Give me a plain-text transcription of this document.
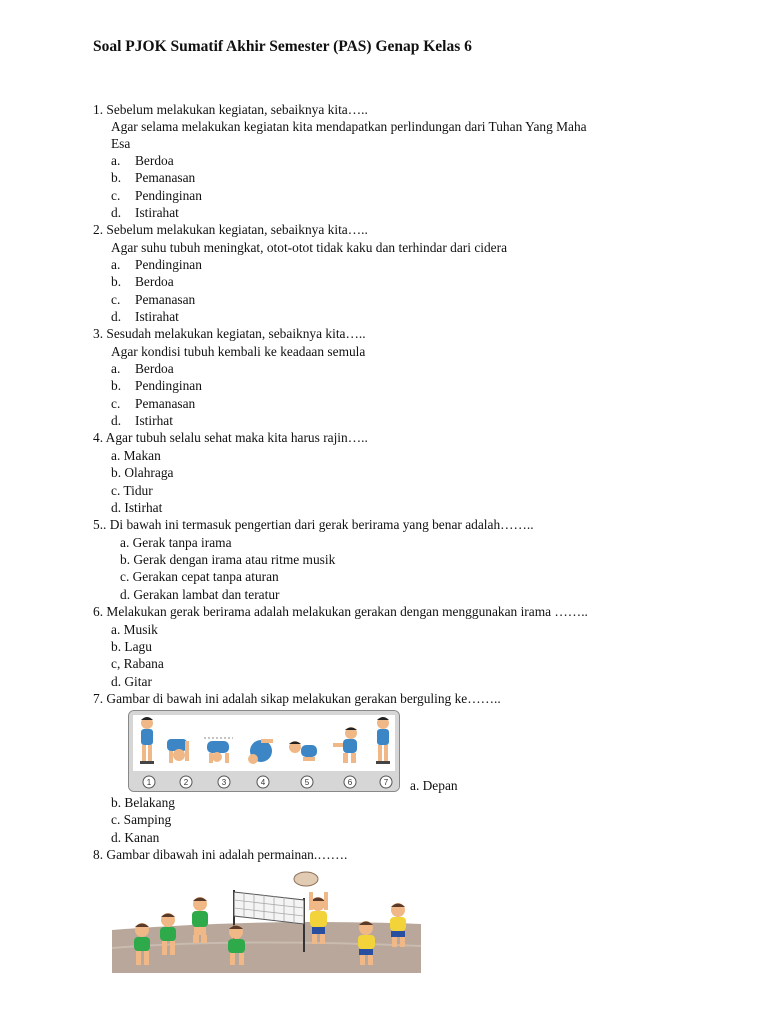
Soal PJOK Sumatif Akhir Semester (PAS) Genap Kelas 6
1. Sebelum melakukan kegiatan, sebaiknya kita…..
Agar selama melakukan kegiatan kita mendapatkan perlindungan dari Tuhan Yang Maha
Esa
a. Berdoa
b. Pemanasan
c. Pendinginan
d. Istirahat
2. Sebelum melakukan kegiatan, sebaiknya kita…..
Agar suhu tubuh meningkat, otot-otot tidak kaku dan terhindar dari cidera
a. Pendinginan
b. Berdoa
c. Pemanasan
d. Istirahat
3. Sesudah melakukan kegiatan, sebaiknya kita…..
Agar kondisi tubuh kembali ke keadaan semula
a. Berdoa
b. Pendinginan
c. Pemanasan
d. Istirhat
4. Agar tubuh selalu sehat maka kita harus rajin…..
a. Makan
b. Olahraga
c. Tidur
d. Istirhat
5.. Di bawah ini termasuk pengertian dari gerak berirama yang benar adalah……..
a. Gerak tanpa irama
b. Gerak dengan irama atau ritme musik
c. Gerakan cepat tanpa aturan
d. Gerakan lambat dan teratur
6. Melakukan gerak berirama adalah melakukan gerakan dengan menggunakan irama ……..
a. Musik
b. Lagu
c, Rabana
d. Gitar
7. Gambar di bawah ini adalah sikap melakukan gerakan berguling ke……..
1	2	3	4	5	6	7 a. Depan
b. Belakang
c. Samping
d. Kanan
8. Gambar dibawah ini adalah permainan.…….
